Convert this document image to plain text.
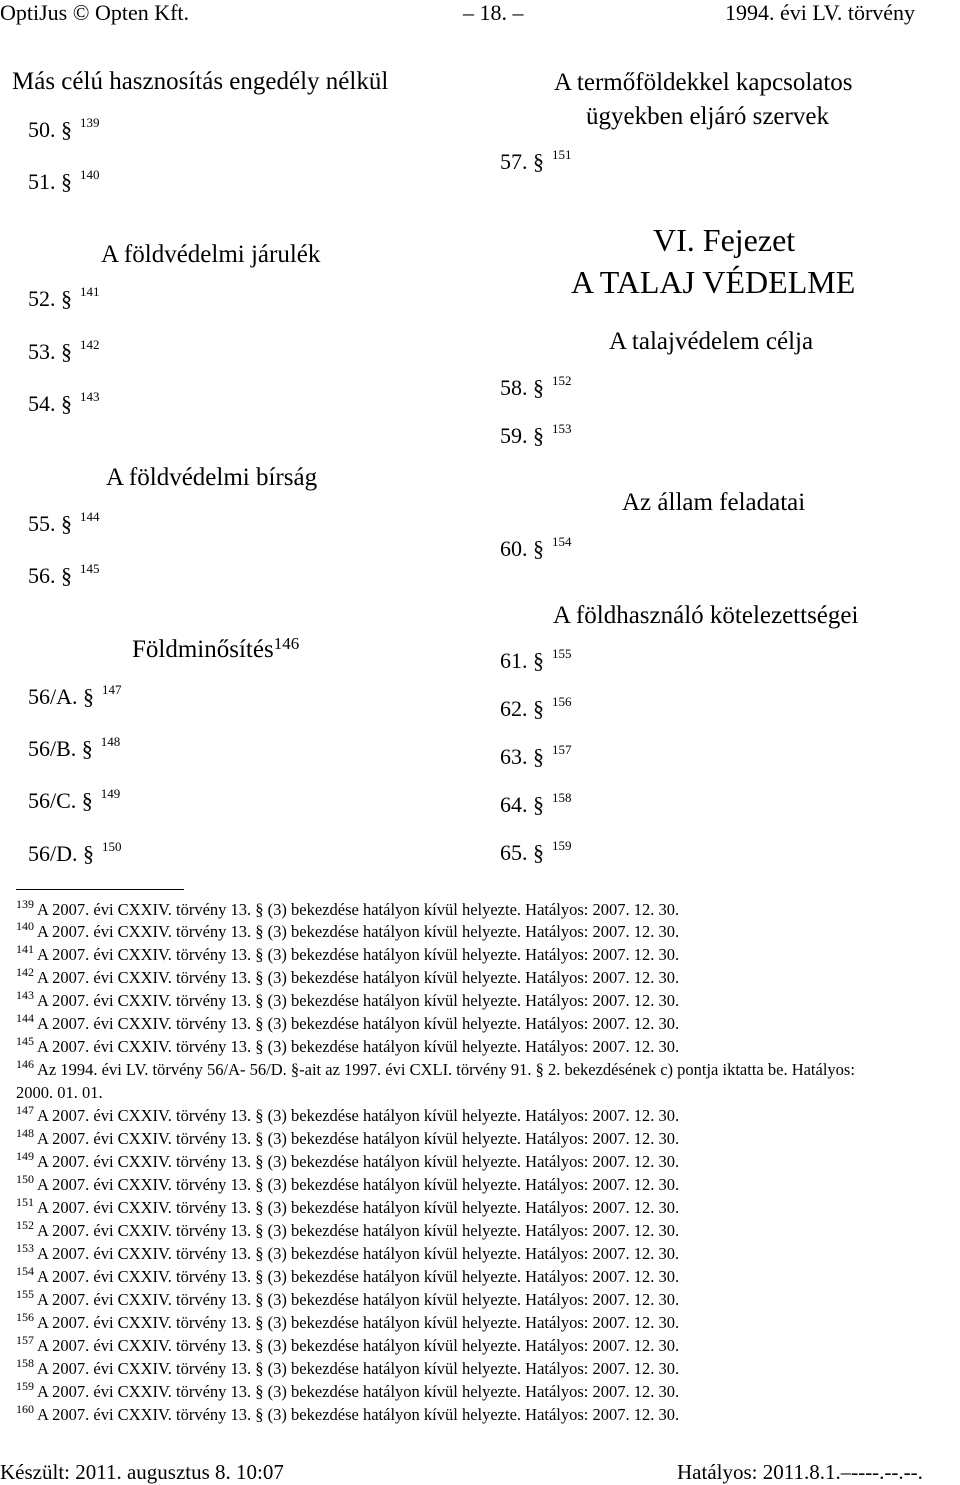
OptiJus © Opten Kft.	– 18. –	1994. évi LV. törvény
Más célú hasznosítás engedély nélkül
50. § $^{139}$
51. § $^{140}$
A földvédelmi járulék
52. § $^{141}$
53. § $^{142}$
54. § $^{143}$
A földvédelmi bírság
55. § $^{144}$
56. § $^{145}$
Földminősítés$^{146}$
56/A. § $^{147}$
56/B. § $^{148}$
56/C. § $^{149}$
56/D. § $^{150}$
A termőföldekkel kapcsolatos
ügyekben eljáró szervek
57. § $^{151}$
VI. Fejezet
A TALAJ VÉDELME
A talajvédelem célja
58. § $^{152}$
59. § $^{153}$
Az állam feladatai
60. § $^{154}$
A földhasználó kötelezettségei
61. § $^{155}$
62. § $^{156}$
63. § $^{157}$
64. § $^{158}$
65. § $^{159}$
$^{139}$ A 2007. évi CXXIV. törvény 13. § (3) bekezdése hatályon kívül helyezte. Hatályos: 2007. 12. 30.
$^{140}$ A 2007. évi CXXIV. törvény 13. § (3) bekezdése hatályon kívül helyezte. Hatályos: 2007. 12. 30.
$^{141}$ A 2007. évi CXXIV. törvény 13. § (3) bekezdése hatályon kívül helyezte. Hatályos: 2007. 12. 30.
$^{142}$ A 2007. évi CXXIV. törvény 13. § (3) bekezdése hatályon kívül helyezte. Hatályos: 2007. 12. 30.
$^{143}$ A 2007. évi CXXIV. törvény 13. § (3) bekezdése hatályon kívül helyezte. Hatályos: 2007. 12. 30.
$^{144}$ A 2007. évi CXXIV. törvény 13. § (3) bekezdése hatályon kívül helyezte. Hatályos: 2007. 12. 30.
$^{145}$ A 2007. évi CXXIV. törvény 13. § (3) bekezdése hatályon kívül helyezte. Hatályos: 2007. 12. 30.
$^{146}$ Az 1994. évi LV. törvény 56/A- 56/D. §-ait az 1997. évi CXLI. törvény 91. § 2. bekezdésének c) pontja iktatta be. Hatályos:
2000. 01. 01.
$^{147}$ A 2007. évi CXXIV. törvény 13. § (3) bekezdése hatályon kívül helyezte. Hatályos: 2007. 12. 30.
$^{148}$ A 2007. évi CXXIV. törvény 13. § (3) bekezdése hatályon kívül helyezte. Hatályos: 2007. 12. 30.
$^{149}$ A 2007. évi CXXIV. törvény 13. § (3) bekezdése hatályon kívül helyezte. Hatályos: 2007. 12. 30.
$^{150}$ A 2007. évi CXXIV. törvény 13. § (3) bekezdése hatályon kívül helyezte. Hatályos: 2007. 12. 30.
$^{151}$ A 2007. évi CXXIV. törvény 13. § (3) bekezdése hatályon kívül helyezte. Hatályos: 2007. 12. 30.
$^{152}$ A 2007. évi CXXIV. törvény 13. § (3) bekezdése hatályon kívül helyezte. Hatályos: 2007. 12. 30.
$^{153}$ A 2007. évi CXXIV. törvény 13. § (3) bekezdése hatályon kívül helyezte. Hatályos: 2007. 12. 30.
$^{154}$ A 2007. évi CXXIV. törvény 13. § (3) bekezdése hatályon kívül helyezte. Hatályos: 2007. 12. 30.
$^{155}$ A 2007. évi CXXIV. törvény 13. § (3) bekezdése hatályon kívül helyezte. Hatályos: 2007. 12. 30.
$^{156}$ A 2007. évi CXXIV. törvény 13. § (3) bekezdése hatályon kívül helyezte. Hatályos: 2007. 12. 30.
$^{157}$ A 2007. évi CXXIV. törvény 13. § (3) bekezdése hatályon kívül helyezte. Hatályos: 2007. 12. 30.
$^{158}$ A 2007. évi CXXIV. törvény 13. § (3) bekezdése hatályon kívül helyezte. Hatályos: 2007. 12. 30.
$^{159}$ A 2007. évi CXXIV. törvény 13. § (3) bekezdése hatályon kívül helyezte. Hatályos: 2007. 12. 30.
$^{160}$ A 2007. évi CXXIV. törvény 13. § (3) bekezdése hatályon kívül helyezte. Hatályos: 2007. 12. 30.
Készült: 2011. augusztus 8. 10:07	Hatályos: 2011.8.1.–----.--.--.
